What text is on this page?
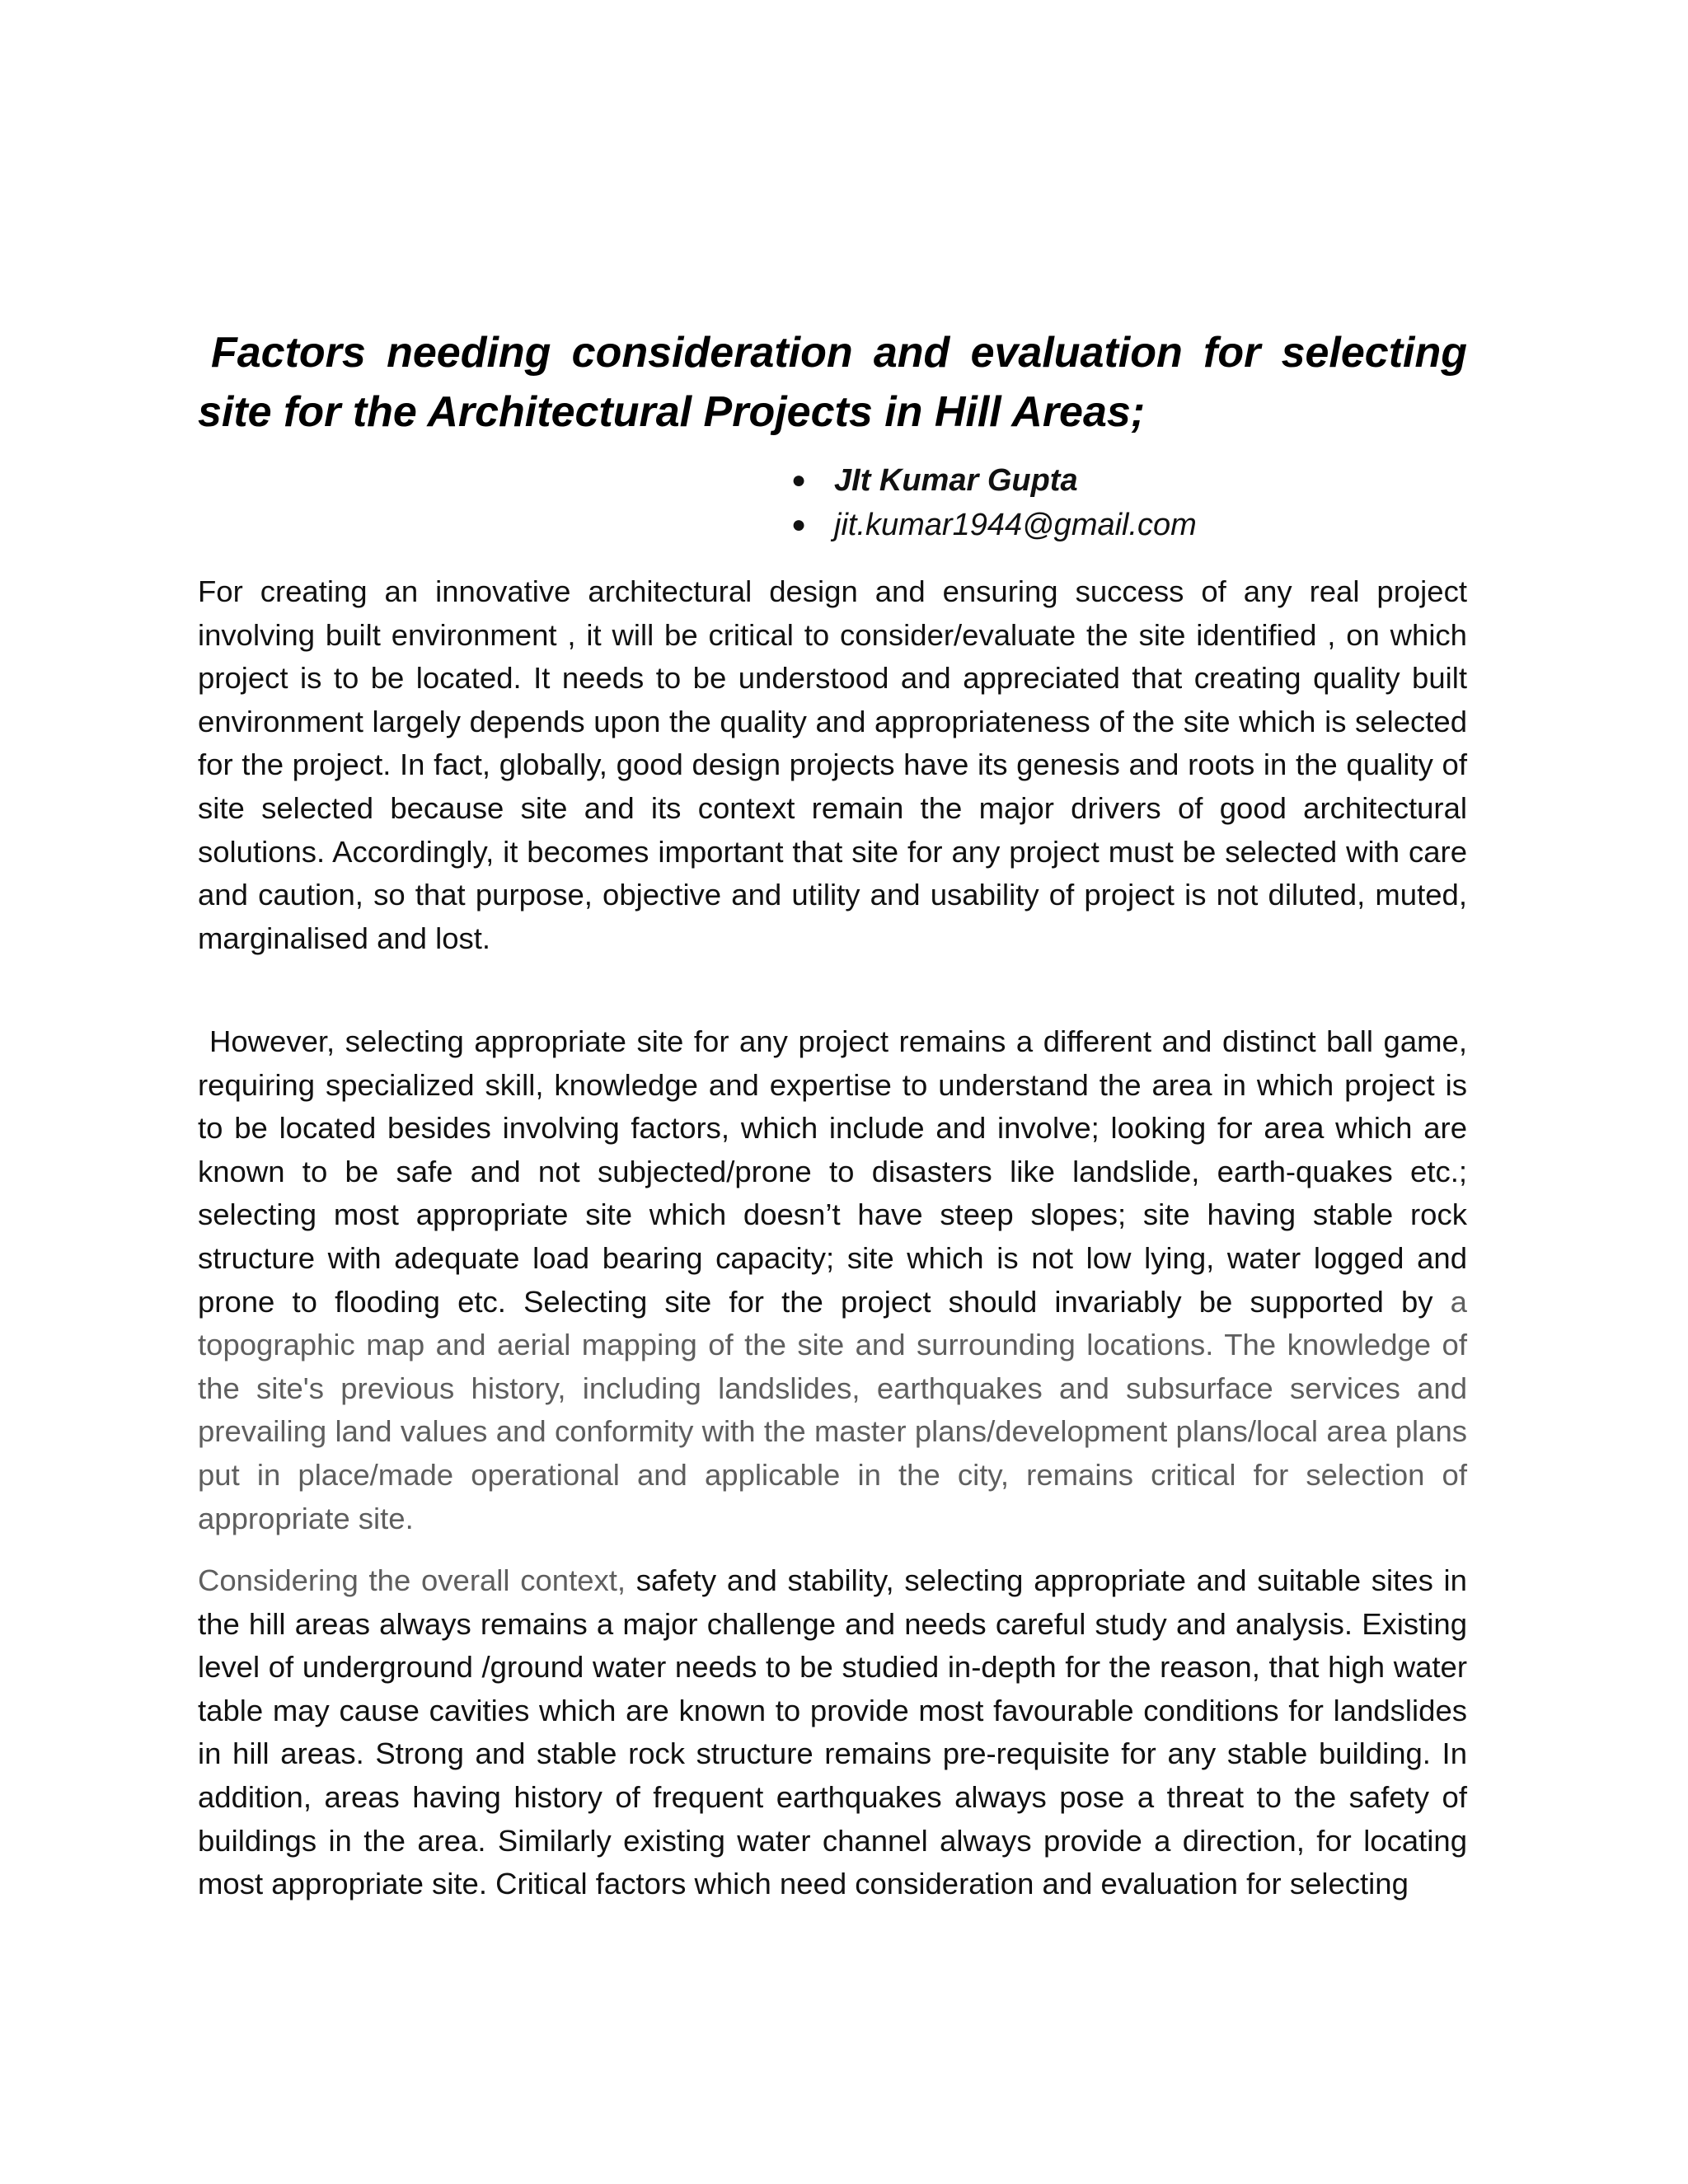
Factors needing consideration and evaluation for selecting site for the Architectural Projects in Hill Areas;
● JIt Kumar Gupta
● jit.kumar1944@gmail.com

For creating an innovative architectural design and ensuring success of any real project involving built environment , it will be critical to consider/evaluate the site identified , on which project is to be located. It needs to be understood and appreciated that creating quality built environment largely depends upon the quality and appropriateness of the site which is selected for the project. In fact, globally, good design projects have its genesis and roots in the quality of site selected because site and its context remain the major drivers of good architectural solutions. Accordingly, it becomes important that site for any project must be selected with care and caution, so that purpose, objective and utility and usability of project is not diluted, muted, marginalised and lost.

However, selecting appropriate site for any project remains a different and distinct ball game, requiring specialized skill, knowledge and expertise to understand the area in which project is to be located besides involving factors, which include and involve; looking for area which are known to be safe and not subjected/prone to disasters like landslide, earth-quakes etc.; selecting most appropriate site which doesn’t have steep slopes; site having stable rock structure with adequate load bearing capacity; site which is not low lying, water logged and prone to flooding etc. Selecting site for the project should invariably be supported by a topographic map and aerial mapping of the site and surrounding locations. The knowledge of the site's previous history, including landslides, earthquakes and subsurface services and prevailing land values and conformity with the master plans/development plans/local area plans put in place/made operational and applicable in the city, remains critical for selection of appropriate site.

Considering the overall context, safety and stability, selecting appropriate and suitable sites in the hill areas always remains a major challenge and needs careful study and analysis. Existing level of underground /ground water needs to be studied in-depth for the reason, that high water table may cause cavities which are known to provide most favourable conditions for landslides in hill areas. Strong and stable rock structure remains pre-requisite for any stable building. In addition, areas having history of frequent earthquakes always pose a threat to the safety of buildings in the area. Similarly existing water channel always provide a direction, for locating most appropriate site. Critical factors which need consideration and evaluation for selecting
